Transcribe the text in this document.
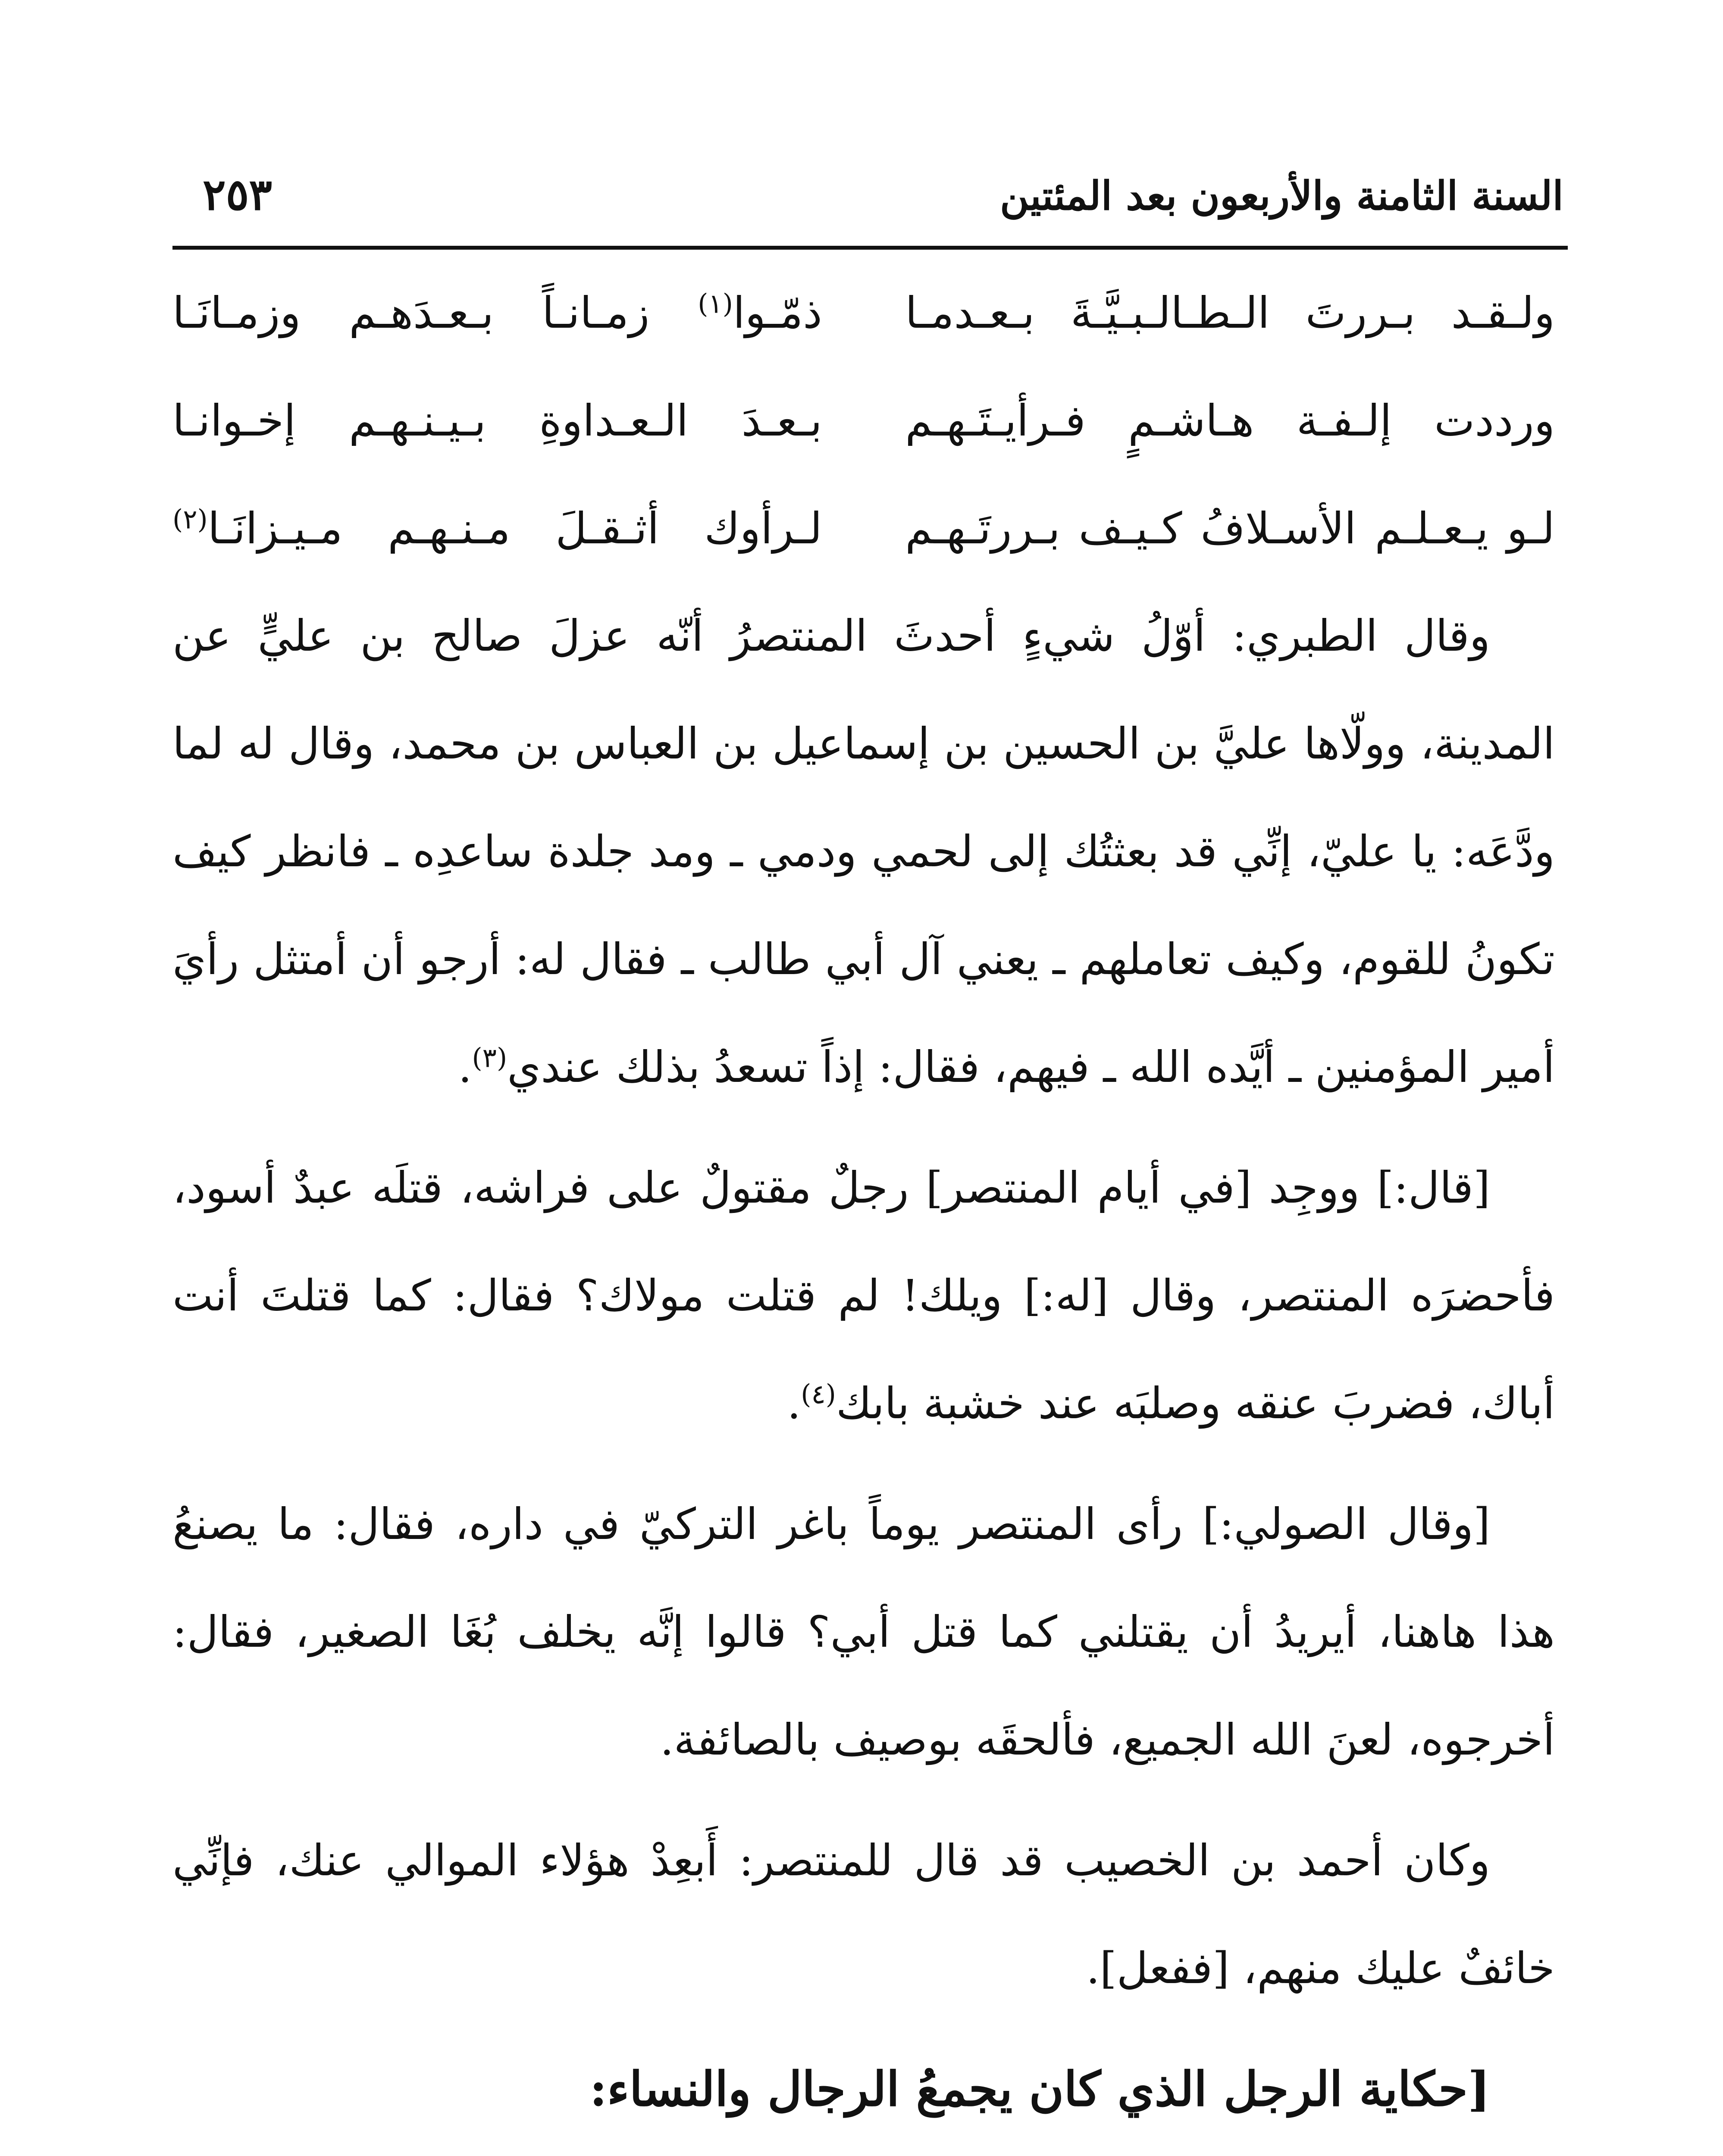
السنة الثامنة والأربعون بعد المئتين
٢٥٣
ولـقـد بـررتَ الـطـالـبـيَّـةَ بـعـدمـا
ذمّـوا$^{(١)}$ زمـانـاً بـعـدَهـم وزمـانَـا
ورددت إلـفـة هـاشـمٍ فـرأيـتَـهـم
بـعـدَ الـعـداوةِ بـيـنـهـم إخـوانـا
لـو يـعـلـم الأسـلافُ كـيـف بـررتَـهـم
لـرأوك أثـقـلَ مـنـهـم مـيـزانَـا$^{(٢)}$

وقال الطبري: أوّلُ شيءٍ أحدثَ المنتصرُ أنّه عزلَ صالح بن عليٍّ عن المدينة، وولّاها عليَّ بن الحسين بن إسماعيل بن العباس بن محمد، وقال له لما ودَّعَه: يا عليّ، إنِّي قد بعثتُك إلى لحمي ودمي ـ ومد جلدة ساعدِه ـ فانظر كيف تكونُ للقوم، وكيف تعاملهم ـ يعني آل أبي طالب ـ فقال له: أرجو أن أمتثل رأيَ أمير المؤمنين ـ أيَّده الله ـ فيهم، فقال: إذاً تسعدُ بذلك عندي$^{(٣)}$.

[قال:] ووجِد [في أيام المنتصر] رجلٌ مقتولٌ على فراشه، قتلَه عبدٌ أسود، فأحضرَه المنتصر، وقال [له:] ويلك! لم قتلت مولاك؟ فقال: كما قتلتَ أنت أباك، فضربَ عنقه وصلبَه عند خشبة بابك$^{(٤)}$.

[وقال الصولي:] رأى المنتصر يوماً باغر التركيّ في داره، فقال: ما يصنعُ هذا هاهنا، أيريدُ أن يقتلني كما قتل أبي؟ قالوا إنَّه يخلف بُغَا الصغير، فقال: أخرجوه، لعنَ الله الجميع، فألحقَه بوصيف بالصائفة.

وكان أحمد بن الخصيب قد قال للمنتصر: أَبعِدْ هؤلاء الموالي عنك، فإنِّي خائفٌ عليك منهم، [ففعل].

[حكاية الرجل الذي كان يجمعُ الرجال والنساء:
